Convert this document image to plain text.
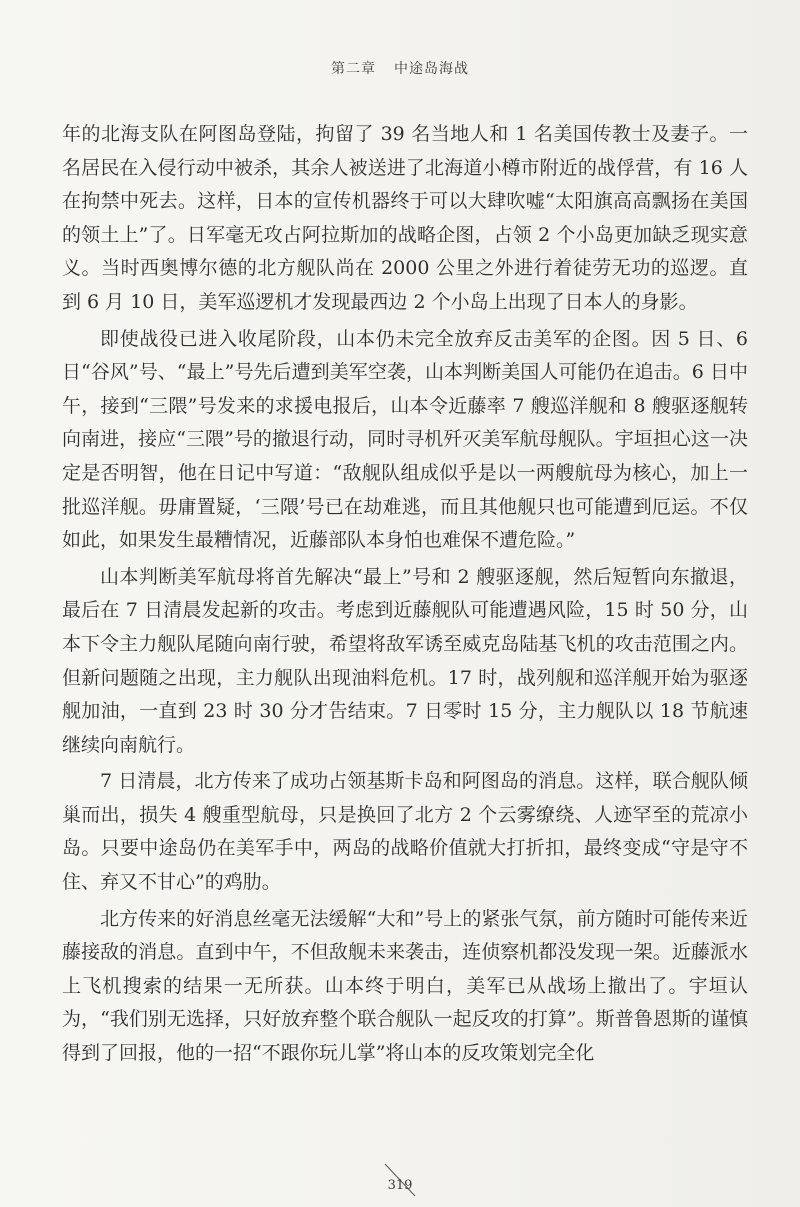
第二章 中途岛海战

年的北海支队在阿图岛登陆，拘留了 39 名当地人和 1 名美国传教士及妻子。一名居民在入侵行动中被杀，其余人被送进了北海道小樽市附近的战俘营，有 16 人在拘禁中死去。这样，日本的宣传机器终于可以大肆吹嘘“太阳旗高高飘扬在美国的领土上”了。日军毫无攻占阿拉斯加的战略企图，占领 2 个小岛更加缺乏现实意义。当时西奥博尔德的北方舰队尚在 2000 公里之外进行着徒劳无功的巡逻。直到 6 月 10 日，美军巡逻机才发现最西边 2 个小岛上出现了日本人的身影。

即使战役已进入收尾阶段，山本仍未完全放弃反击美军的企图。因 5 日、6 日“谷风”号、“最上”号先后遭到美军空袭，山本判断美国人可能仍在追击。6 日中午，接到“三隈”号发来的求援电报后，山本令近藤率 7 艘巡洋舰和 8 艘驱逐舰转向南进，接应“三隈”号的撤退行动，同时寻机歼灭美军航母舰队。宇垣担心这一决定是否明智，他在日记中写道：“敌舰队组成似乎是以一两艘航母为核心，加上一批巡洋舰。毋庸置疑，‘三隈’号已在劫难逃，而且其他舰只也可能遭到厄运。不仅如此，如果发生最糟情况，近藤部队本身怕也难保不遭危险。”

山本判断美军航母将首先解决“最上”号和 2 艘驱逐舰，然后短暂向东撤退，最后在 7 日清晨发起新的攻击。考虑到近藤舰队可能遭遇风险，15 时 50 分，山本下令主力舰队尾随向南行驶，希望将敌军诱至威克岛陆基飞机的攻击范围之内。但新问题随之出现，主力舰队出现油料危机。17 时，战列舰和巡洋舰开始为驱逐舰加油，一直到 23 时 30 分才告结束。7 日零时 15 分，主力舰队以 18 节航速继续向南航行。

7 日清晨，北方传来了成功占领基斯卡岛和阿图岛的消息。这样，联合舰队倾巢而出，损失 4 艘重型航母，只是换回了北方 2 个云雾缭绕、人迹罕至的荒凉小岛。只要中途岛仍在美军手中，两岛的战略价值就大打折扣，最终变成“守是守不住、弃又不甘心”的鸡肋。

北方传来的好消息丝毫无法缓解“大和”号上的紧张气氛，前方随时可能传来近藤接敌的消息。直到中午，不但敌舰未来袭击，连侦察机都没发现一架。近藤派水上飞机搜索的结果一无所获。山本终于明白，美军已从战场上撤出了。宇垣认为，“我们别无选择，只好放弃整个联合舰队一起反攻的打算”。斯普鲁恩斯的谨慎得到了回报，他的一招“不跟你玩儿掌”将山本的反攻策划完全化

319
